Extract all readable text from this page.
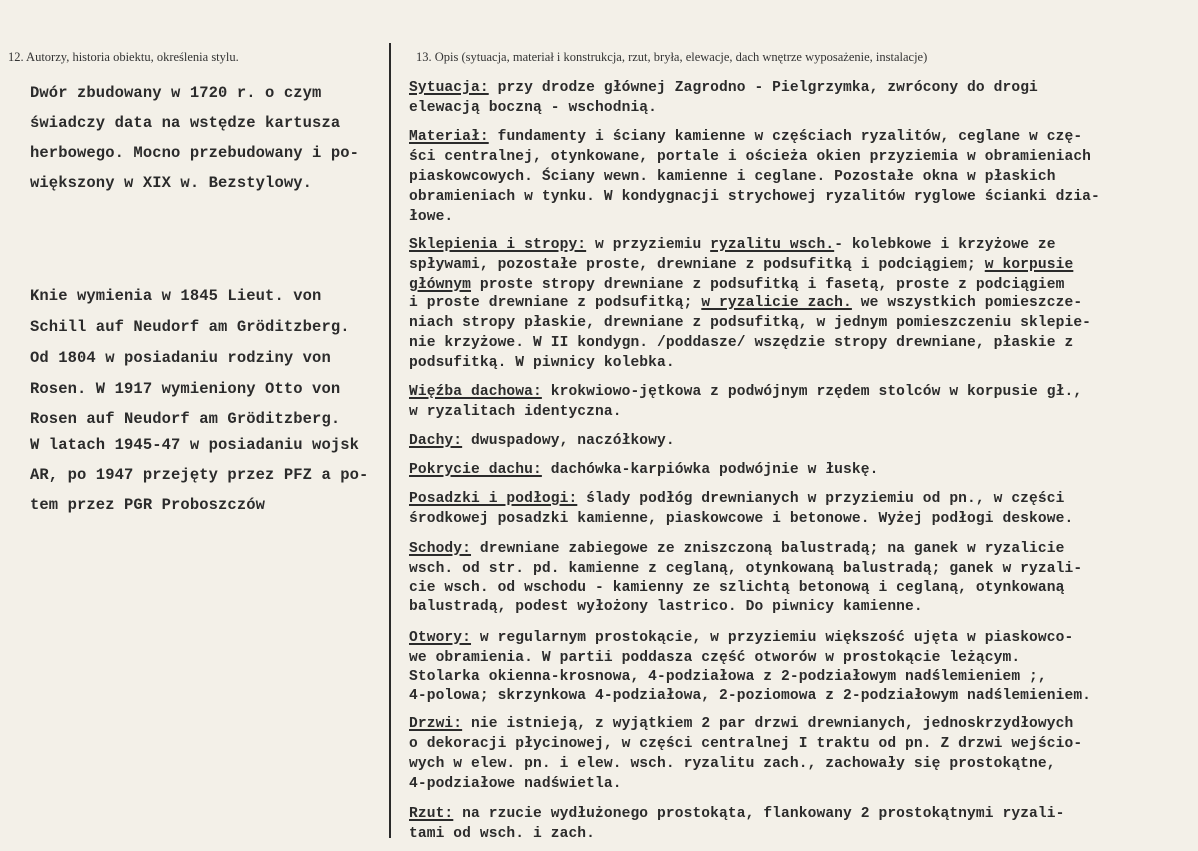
12. Autorzy, historia obiektu, określenia stylu.	13. Opis (sytuacja, materiał i konstrukcja, rzut, bryła, elewacje, dach wnętrze wyposażenie, instalacje)
Dwór zbudowany w 1720 r. o czym
świadczy data na wstędze kartusza
herbowego. Mocno przebudowany i po-
większony w XIX w. Bezstylowy.
Knie wymienia w 1845 Lieut. von
Schill auf Neudorf am Gröditzberg.
Od 1804 w posiadaniu rodziny von
Rosen. W 1917 wymieniony Otto von
Rosen auf Neudorf am Gröditzberg.
W latach 1945-47 w posiadaniu wojsk
AR, po 1947 przejęty przez PFZ a po-
tem przez PGR Proboszczów
Sytuacja: przy drodze głównej Zagrodno - Pielgrzymka, zwrócony do drogi
elewacją boczną - wschodnią.
Materiał: fundamenty i ściany kamienne w częściach ryzalitów, ceglane w czę-
ści centralnej, otynkowane, portale i ościeża okien przyziemia w obramieniach
piaskowcowych. Ściany wewn. kamienne i ceglane. Pozostałe okna w płaskich
obramieniach w tynku. W kondygnacji strychowej ryzalitów ryglowe ścianki dzia-
łowe.
Sklepienia i stropy: w przyziemiu ryzalitu wsch.- kolebkowe i krzyżowe ze
spływami, pozostałe proste, drewniane z podsufitką i podciągiem; w korpusie
głównym proste stropy drewniane z podsufitką i fasetą, proste z podciągiem
i proste drewniane z podsufitką; w ryzalicie zach. we wszystkich pomieszcze-
niach stropy płaskie, drewniane z podsufitką, w jednym pomieszczeniu sklepie-
nie krzyżowe. W II kondygn. /poddasze/ wszędzie stropy drewniane, płaskie z
podsufitką. W piwnicy kolebka.
Więźba dachowa: krokwiowo-jętkowa z podwójnym rzędem stolców w korpusie gł.,
w ryzalitach identyczna.
Dachy: dwuspadowy, naczółkowy.
Pokrycie dachu: dachówka-karpiówka podwójnie w łuskę.
Posadzki i podłogi: ślady podłóg drewnianych w przyziemiu od pn., w części
środkowej posadzki kamienne, piaskowcowe i betonowe. Wyżej podłogi deskowe.
Schody: drewniane zabiegowe ze zniszczoną balustradą; na ganek w ryzalicie
wsch. od str. pd. kamienne z ceglaną, otynkowaną balustradą; ganek w ryzali-
cie wsch. od wschodu - kamienny ze szlichtą betonową i ceglaną, otynkowaną
balustradą, podest wyłożony lastrico. Do piwnicy kamienne.
Otwory: w regularnym prostokącie, w przyziemiu większość ujęta w piaskowco-
we obramienia. W partii poddasza część otworów w prostokącie leżącym.
Stolarka okienna-krosnowa, 4-podziałowa z 2-podziałowym nadślemieniem ;,
4-polowa; skrzynkowa 4-podziałowa, 2-poziomowa z 2-podziałowym nadślemieniem.
Drzwi: nie istnieją, z wyjątkiem 2 par drzwi drewnianych, jednoskrzydłowych
o dekoracji płycinowej, w części centralnej I traktu od pn. Z drzwi wejścio-
wych w elew. pn. i elew. wsch. ryzalitu zach., zachowały się prostokątne,
4-podziałowe nadświetla.
Rzut: na rzucie wydłużonego prostokąta, flankowany 2 prostokątnymi ryzali-
tami od wsch. i zach.
